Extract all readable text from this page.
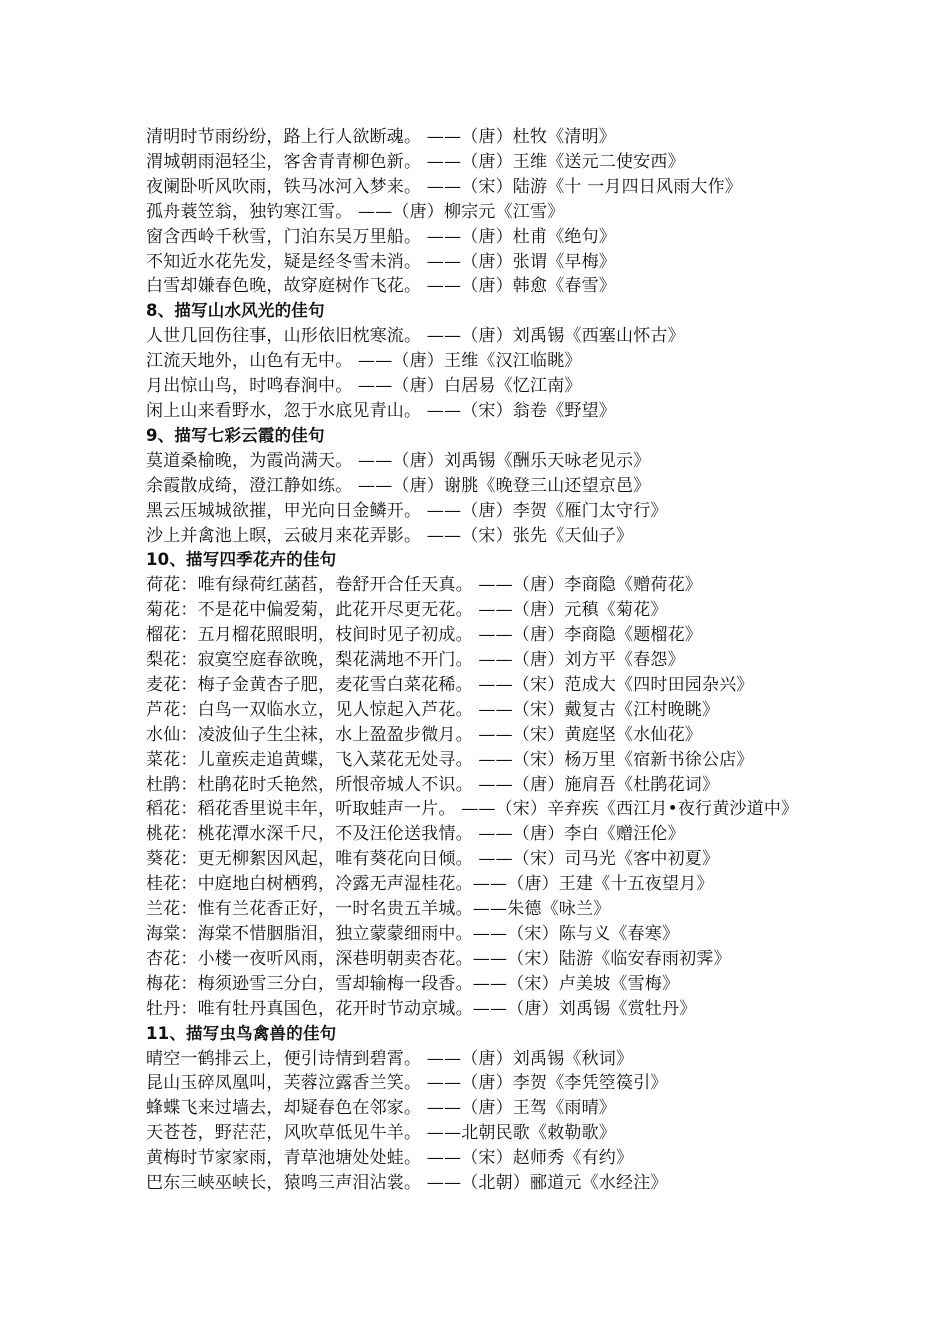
清明时节雨纷纷，路上行人欲断魂。 ——（唐）杜牧《清明》
渭城朝雨浥轻尘，客舍青青柳色新。 ——（唐）王维《送元二使安西》
夜阑卧听风吹雨，铁马冰河入梦来。 ——（宋）陆游《十 一月四日风雨大作》
孤舟蓑笠翁，独钓寒江雪。 ——（唐）柳宗元《江雪》
窗含西岭千秋雪，门泊东吴万里船。 ——（唐）杜甫《绝句》
不知近水花先发，疑是经冬雪未消。 ——（唐）张谓《早梅》
白雪却嫌春色晚，故穿庭树作飞花。 ——（唐）韩愈《春雪》
8、描写山水风光的佳句
人世几回伤往事，山形依旧枕寒流。 ——（唐）刘禹锡《西塞山怀古》
江流天地外，山色有无中。 ——（唐）王维《汉江临眺》
月出惊山鸟，时鸣春涧中。 ——（唐）白居易《忆江南》
闲上山来看野水，忽于水底见青山。 ——（宋）翁卷《野望》
9、描写七彩云霞的佳句
莫道桑榆晚，为霞尚满天。 ——（唐）刘禹锡《酬乐天咏老见示》
余霞散成绮，澄江静如练。 ——（唐）谢朓《晚登三山还望京邑》
黑云压城城欲摧，甲光向日金鳞开。 ——（唐）李贺《雁门太守行》
沙上并禽池上暝，云破月来花弄影。 ——（宋）张先《天仙子》
10、描写四季花卉的佳句
荷花：唯有绿荷红菡萏，卷舒开合任天真。 ——（唐）李商隐《赠荷花》
菊花：不是花中偏爱菊，此花开尽更无花。 ——（唐）元稹《菊花》
榴花：五月榴花照眼明，枝间时见子初成。 ——（唐）李商隐《题榴花》
梨花：寂寞空庭春欲晚，梨花满地不开门。 ——（唐）刘方平《春怨》
麦花：梅子金黄杏子肥，麦花雪白菜花稀。 ——（宋）范成大《四时田园杂兴》
芦花：白鸟一双临水立，见人惊起入芦花。 ——（宋）戴复古《江村晚眺》
水仙：凌波仙子生尘袜，水上盈盈步微月。 ——（宋）黄庭坚《水仙花》
菜花：儿童疾走追黄蝶，飞入菜花无处寻。 ——（宋）杨万里《宿新书徐公店》
杜鹃：杜鹃花时夭艳然，所恨帝城人不识。 ——（唐）施肩吾《杜鹃花词》
稻花：稻花香里说丰年，听取蛙声一片。 ——（宋）辛弃疾《西江月•夜行黄沙道中》
桃花：桃花潭水深千尺，不及汪伦送我情。 ——（唐）李白《赠汪伦》
葵花：更无柳絮因风起，唯有葵花向日倾。 ——（宋）司马光《客中初夏》
桂花：中庭地白树栖鸦，冷露无声湿桂花。——（唐）王建《十五夜望月》
兰花：惟有兰花香正好，一时名贵五羊城。——朱德《咏兰》
海棠：海棠不惜胭脂泪，独立蒙蒙细雨中。——（宋）陈与义《春寒》
杏花：小楼一夜听风雨，深巷明朝卖杏花。——（宋）陆游《临安春雨初霁》
梅花：梅须逊雪三分白，雪却输梅一段香。——（宋）卢美坡《雪梅》
牡丹：唯有牡丹真国色，花开时节动京城。——（唐）刘禹锡《赏牡丹》
11、描写虫鸟禽兽的佳句
晴空一鹤排云上，便引诗情到碧霄。 ——（唐）刘禹锡《秋词》
昆山玉碎凤凰叫，芙蓉泣露香兰笑。 ——（唐）李贺《李凭箜篌引》
蜂蝶飞来过墙去，却疑春色在邻家。 ——（唐）王驾《雨晴》
天苍苍，野茫茫，风吹草低见牛羊。 ——北朝民歌《敕勒歌》
黄梅时节家家雨，青草池塘处处蛙。 ——（宋）赵师秀《有约》
巴东三峡巫峡长，猿鸣三声泪沾裳。 ——（北朝）郦道元《水经注》
